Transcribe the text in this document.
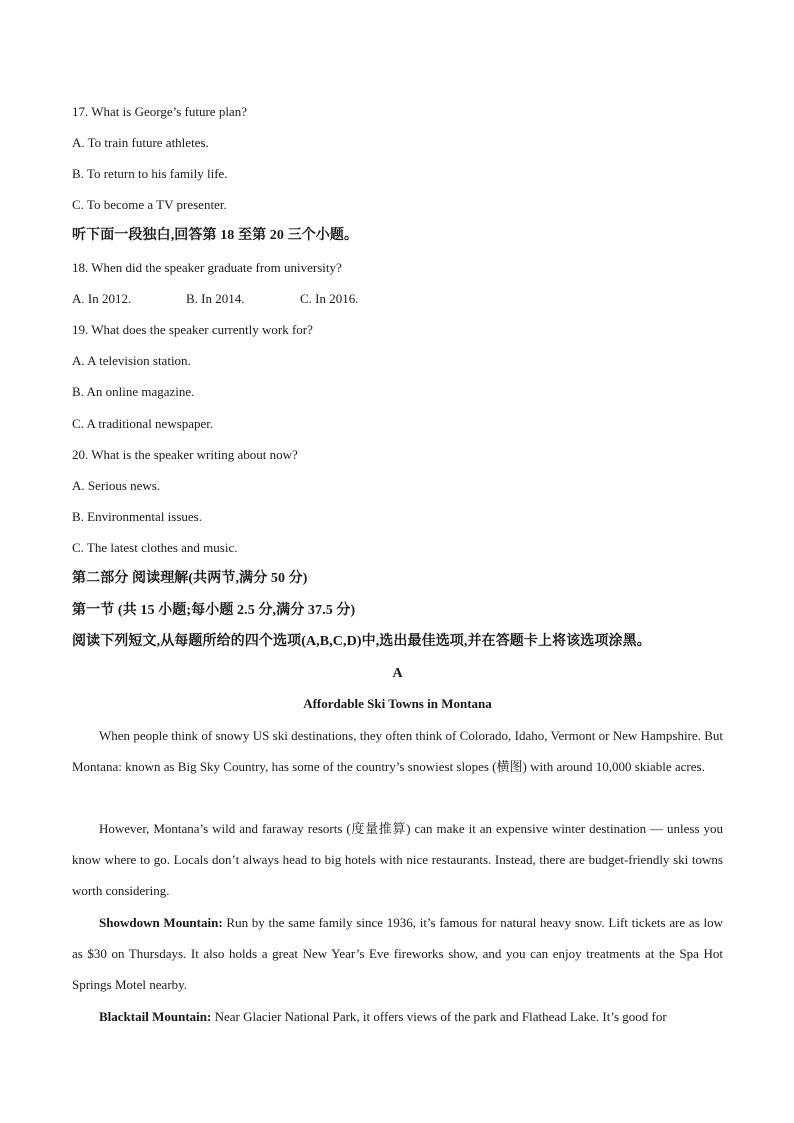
17. What is George’s future plan?
A. To train future athletes.
B. To return to his family life.
C. To become a TV presenter.
听下面一段独白,回答第 18 至第 20 三个小题。
18. When did the speaker graduate from university?
A. In 2012.	B. In 2014.	C. In 2016.
19. What does the speaker currently work for?
A. A television station.
B. An online magazine.
C. A traditional newspaper.
20. What is the speaker writing about now?
A. Serious news.
B. Environmental issues.
C. The latest clothes and music.
第二部分 阅读理解(共两节,满分 50 分)
第一节 (共 15 小题;每小题 2.5 分,满分 37.5 分)
阅读下列短文,从每题所给的四个选项(A,B,C,D)中,选出最佳选项,并在答题卡上将该选项涂黑。
A
Affordable Ski Towns in Montana
When people think of snowy US ski destinations, they often think of Colorado, Idaho, Vermont or New Hampshire. But Montana: known as Big Sky Country, has some of the country’s snowiest slopes (横图) with around 10,000 skiable acres.
However, Montana’s wild and faraway resorts (度量推算) can make it an expensive winter destination — unless you know where to go. Locals don’t always head to big hotels with nice restaurants. Instead, there are budget-friendly ski towns worth considering.
Showdown Mountain: Run by the same family since 1936, it’s famous for natural heavy snow. Lift tickets are as low as $30 on Thursdays. It also holds a great New Year’s Eve fireworks show, and you can enjoy treatments at the Spa Hot Springs Motel nearby.
Blacktail Mountain: Near Glacier National Park, it offers views of the park and Flathead Lake. It’s good for
